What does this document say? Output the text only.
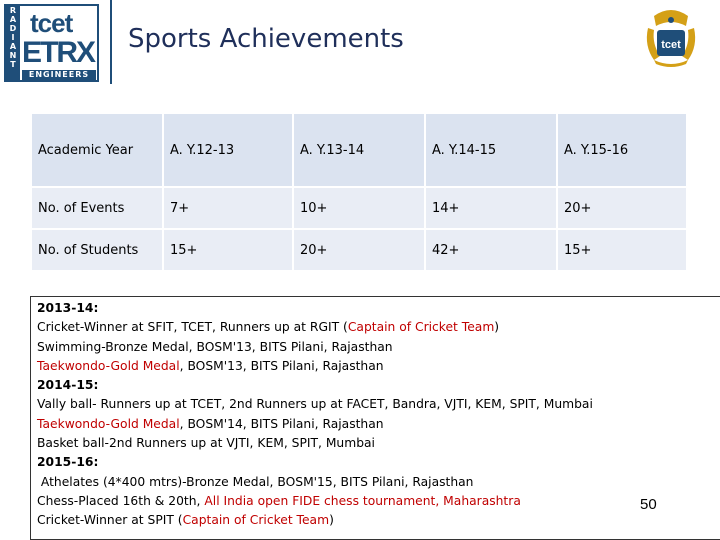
R
A
D
I
A
N
T
tcet
ETRX
ENGINEERS
Sports Achievements	tcet
Academic Year	A. Y.12-13	A. Y.13-14	A. Y.14-15	A. Y.15-16
No. of Events	7+	10+	14+	20+
No. of Students	15+	20+	42+	15+
2013-14:
Cricket-Winner at SFIT, TCET, Runners up at RGIT (Captain of Cricket Team)
Swimming-Bronze Medal, BOSM'13, BITS Pilani, Rajasthan
Taekwondo-Gold Medal, BOSM'13, BITS Pilani, Rajasthan
2014-15:
Vally ball- Runners up at TCET, 2nd Runners up at FACET, Bandra, VJTI, KEM, SPIT, Mumbai
Taekwondo-Gold Medal, BOSM'14, BITS Pilani, Rajasthan
Basket ball-2nd Runners up at VJTI, KEM, SPIT, Mumbai
2015-16:
Athelates (4*400 mtrs)-Bronze Medal, BOSM'15, BITS Pilani, Rajasthan
Chess-Placed 16th & 20th, All India open FIDE chess tournament, Maharashtra
Cricket-Winner at SPIT (Captain of Cricket Team)
50
